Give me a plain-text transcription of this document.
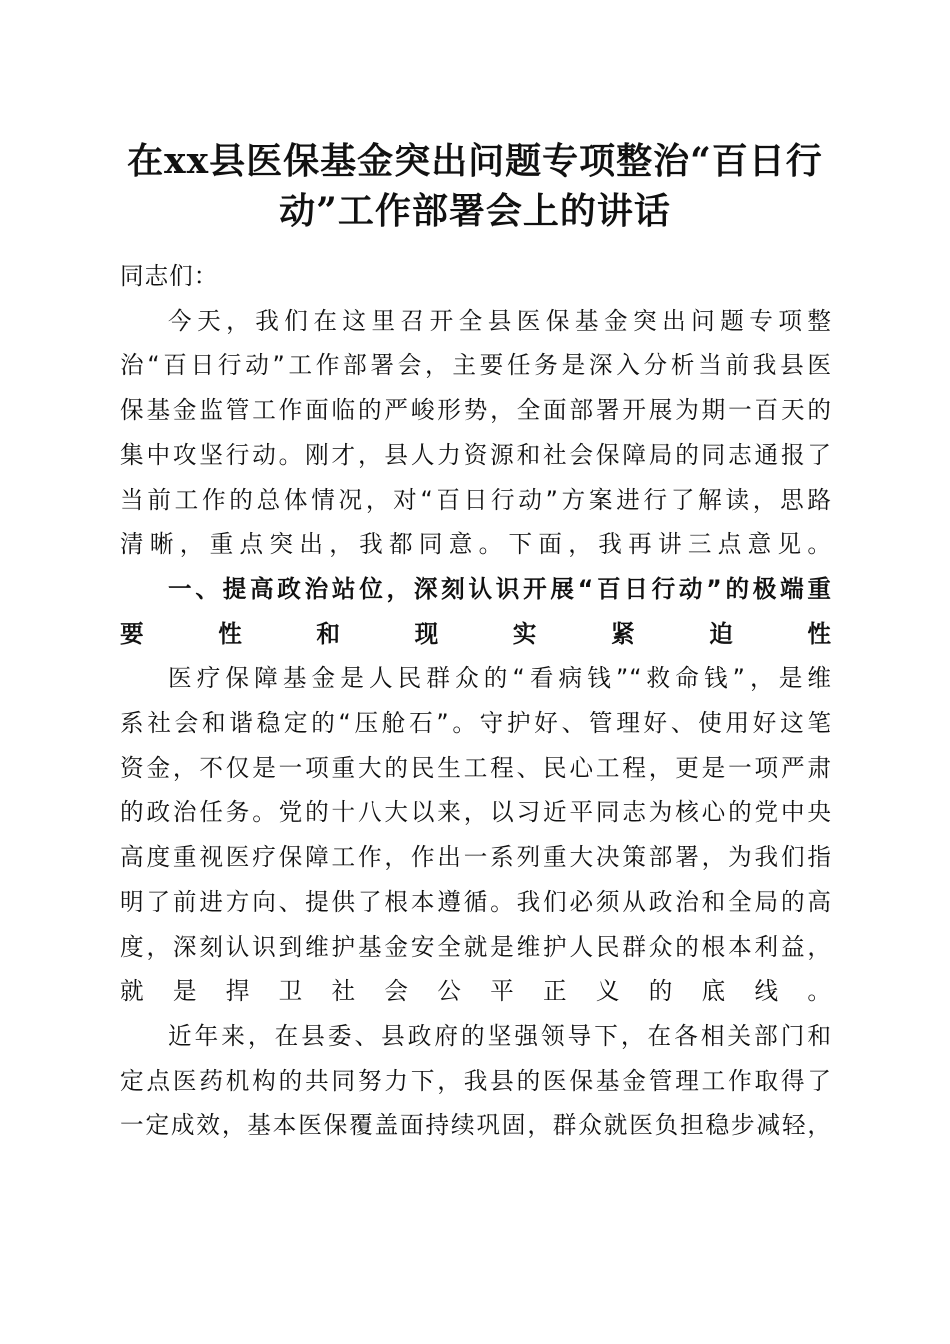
在xx县医保基金突出问题专项整治“百日行
动”工作部署会上的讲话

同志们：

今天，我们在这里召开全县医保基金突出问题专项整
治“百日行动”工作部署会，主要任务是深入分析当前我县医
保基金监管工作面临的严峻形势，全面部署开展为期一百天的
集中攻坚行动。刚才，县人力资源和社会保障局的同志通报了
当前工作的总体情况，对“百日行动”方案进行了解读，思路
清晰，重点突出，我都同意。下面，我再讲三点意见。

一、提高政治站位，深刻认识开展“百日行动”的极端重
要性和现实紧迫性

医疗保障基金是人民群众的“看病钱”“救命钱”，是维
系社会和谐稳定的“压舱石”。守护好、管理好、使用好这笔
资金，不仅是一项重大的民生工程、民心工程，更是一项严肃
的政治任务。党的十八大以来，以习近平同志为核心的党中央
高度重视医疗保障工作，作出一系列重大决策部署，为我们指
明了前进方向、提供了根本遵循。我们必须从政治和全局的高
度，深刻认识到维护基金安全就是维护人民群众的根本利益，
就是捍卫社会公平正义的底线。

近年来，在县委、县政府的坚强领导下，在各相关部门和
定点医药机构的共同努力下，我县的医保基金管理工作取得了
一定成效，基本医保覆盖面持续巩固，群众就医负担稳步减轻，
